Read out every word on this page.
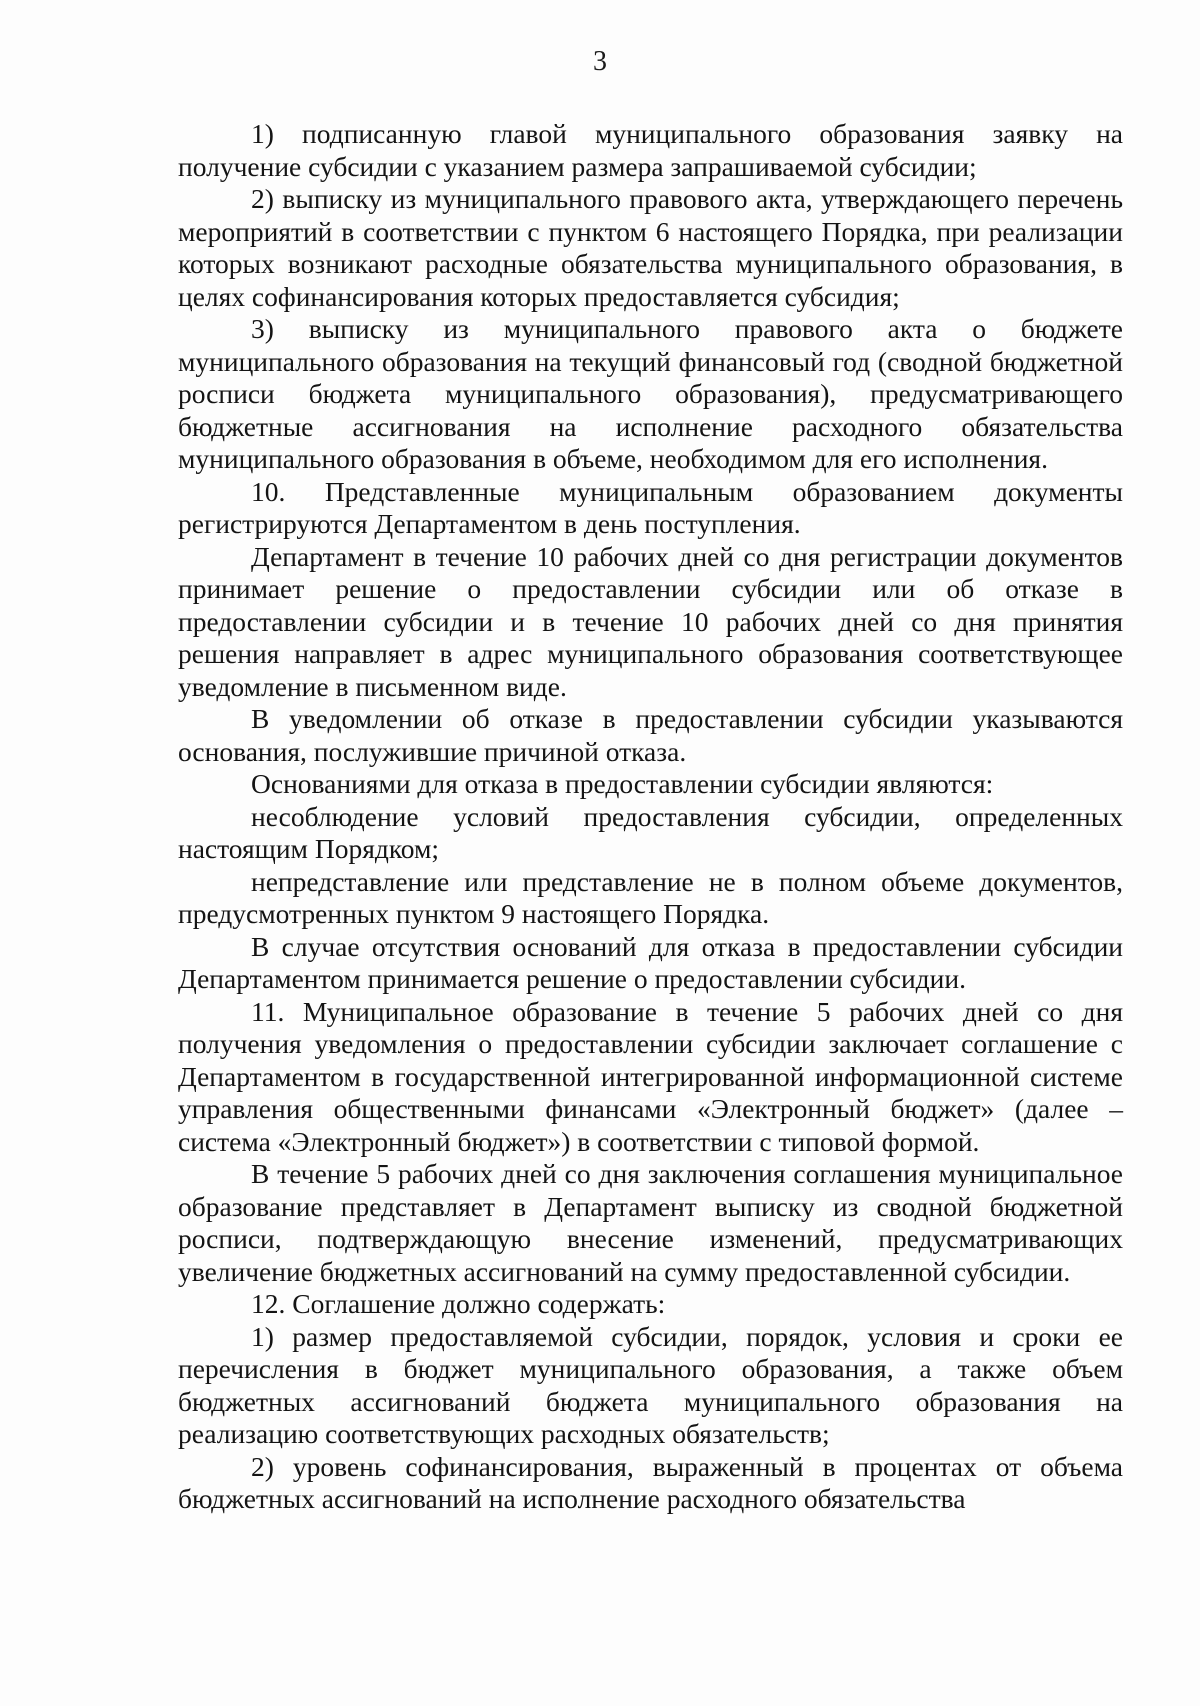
3

1) подписанную главой муниципального образования заявку на получение субсидии с указанием размера запрашиваемой субсидии;

2) выписку из муниципального правового акта, утверждающего перечень мероприятий в соответствии с пунктом 6 настоящего Порядка, при реализации которых возникают расходные обязательства муниципального образования, в целях софинансирования которых предоставляется субсидия;

3) выписку из муниципального правового акта о бюджете муниципального образования на текущий финансовый год (сводной бюджетной росписи бюджета муниципального образования), предусматривающего бюджетные ассигнования на исполнение расходного обязательства муниципального образования в объеме, необходимом для его исполнения.

10. Представленные муниципальным образованием документы регистрируются Департаментом в день поступления.

Департамент в течение 10 рабочих дней со дня регистрации документов принимает решение о предоставлении субсидии или об отказе в предоставлении субсидии и в течение 10 рабочих дней со дня принятия решения направляет в адрес муниципального образования соответствующее уведомление в письменном виде.

В уведомлении об отказе в предоставлении субсидии указываются основания, послужившие причиной отказа.

Основаниями для отказа в предоставлении субсидии являются:

несоблюдение условий предоставления субсидии, определенных настоящим Порядком;

непредставление или представление не в полном объеме документов, предусмотренных пунктом 9 настоящего Порядка.

В случае отсутствия оснований для отказа в предоставлении субсидии Департаментом принимается решение о предоставлении субсидии.

11. Муниципальное образование в течение 5 рабочих дней со дня получения уведомления о предоставлении субсидии заключает соглашение с Департаментом в государственной интегрированной информационной системе управления общественными финансами «Электронный бюджет» (далее – система «Электронный бюджет») в соответствии с типовой формой.

В течение 5 рабочих дней со дня заключения соглашения муниципальное образование представляет в Департамент выписку из сводной бюджетной росписи, подтверждающую внесение изменений, предусматривающих увеличение бюджетных ассигнований на сумму предоставленной субсидии.

12. Соглашение должно содержать:

1) размер предоставляемой субсидии, порядок, условия и сроки ее перечисления в бюджет муниципального образования, а также объем бюджетных ассигнований бюджета муниципального образования на реализацию соответствующих расходных обязательств;

2) уровень софинансирования, выраженный в процентах от объема бюджетных ассигнований на исполнение расходного обязательства
